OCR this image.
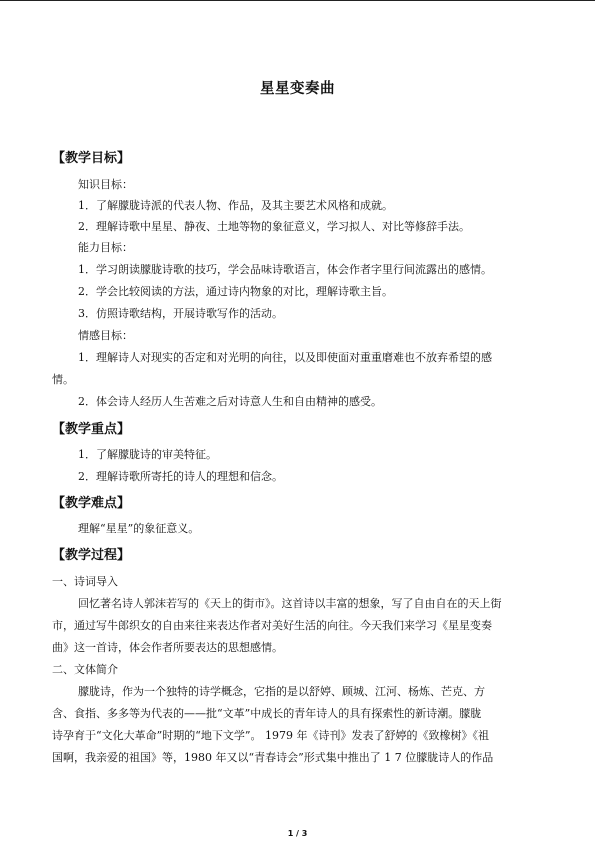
星星变奏曲
【教学目标】
知识目标：
1．了解朦胧诗派的代表人物、作品，及其主要艺术风格和成就。
2．理解诗歌中星星、静夜、土地等物的象征意义，学习拟人、对比等修辞手法。
能力目标：
1．学习朗读朦胧诗歌的技巧，学会品味诗歌语言，体会作者字里行间流露出的感情。
2．学会比较阅读的方法，通过诗内物象的对比，理解诗歌主旨。
3．仿照诗歌结构，开展诗歌写作的活动。
情感目标：
1．理解诗人对现实的否定和对光明的向往，以及即使面对重重磨难也不放弃希望的感
情。
2．体会诗人经历人生苦难之后对诗意人生和自由精神的感受。
【教学重点】
1．了解朦胧诗的审美特征。
2．理解诗歌所寄托的诗人的理想和信念。
【教学难点】
理解“星星”的象征意义。
【教学过程】
一、诗词导入
回忆著名诗人郭沫若写的《天上的街市》。这首诗以丰富的想象，写了自由自在的天上街
市，通过写牛郎织女的自由来往来表达作者对美好生活的向往。今天我们来学习《星星变奏
曲》这一首诗，体会作者所要表达的思想感情。
二、文体简介
朦胧诗，作为一个独特的诗学概念，它指的是以舒婷、顾城、江河、杨炼、芒克、方
含、食指、多多等为代表的——批“文革”中成长的青年诗人的具有探索性的新诗潮。朦胧
诗孕育于“文化大革命”时期的“地下文学”。 1979 年《诗刊》发表了舒婷的《致橡树》《祖
国啊，我亲爱的祖国》等，1980 年又以“青春诗会”形式集中推出了 1 7 位朦胧诗人的作品
1 / 3
